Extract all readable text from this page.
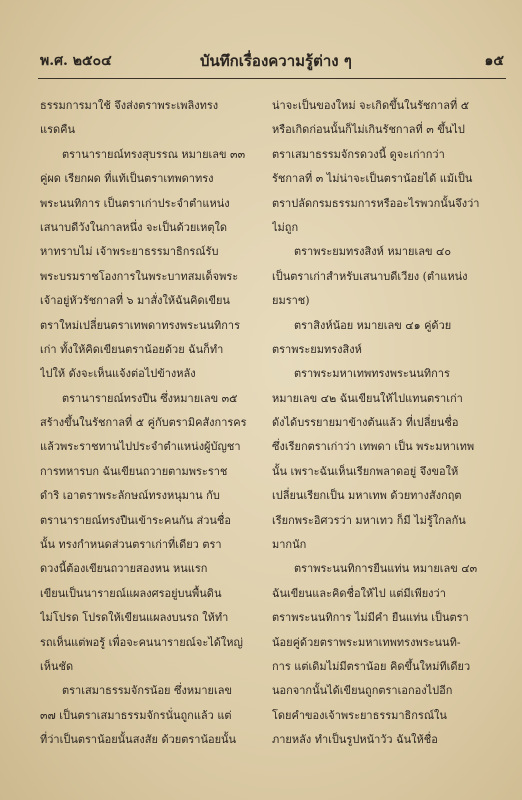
พ.ศ. ๒๕๐๔	บันทึกเรื่องความรู้ต่าง ๆ	๑๕
ธรรมการมาใช้ จึงส่งตราพระเพลิงทรง
แรดคืน
ตรานารายณ์ทรงสุบรรณ หมายเลข ๓๓
คู่ผด เรียกผด ที่แท้เป็นตราเทพดาทรง
พระนนทิการ เป็นตราเก่าประจำตำแหน่ง
เสนาบดีวังในกาลหนึ่ง จะเป็นด้วยเหตุใด
หาทราบไม่ เจ้าพระยาธรรมาธิกรณ์รับ
พระบรมราชโองการในพระบาทสมเด็จพระ
เจ้าอยู่หัวรัชกาลที่ ๖ มาสั่งให้ฉันคิดเขียน
ตราใหม่เปลี่ยนตราเทพดาทรงพระนนทิการ
เก่า ทั้งให้คิดเขียนตราน้อยด้วย ฉันก็ทำ
ไปให้ ดังจะเห็นแจ้งต่อไปข้างหลัง
ตรานารายณ์ทรงปืน ซึ่งหมายเลข ๓๕
สร้างขึ้นในรัชกาลที่ ๕ คู่กับตรามิคสังการคร
แล้วพระราชทานไปประจำตำแหน่งผู้บัญชา
การทหารบก ฉันเขียนถวายตามพระราช
ดำริ เอาตราพระลักษณ์ทรงหนุมาน กับ
ตรานารายณ์ทรงปืนเข้าระคนกัน ส่วนชื่อ
นั้น ทรงกำหนดส่วนตราเก่าที่เดียว ตรา
ดวงนี้ต้องเขียนถวายสองหน หนแรก
เขียนเป็นนารายณ์แผลงศรอยู่บนพื้นดิน
ไม่โปรด โปรดให้เขียนแผลงบนรถ ให้ทำ
รถเห็นแต่พอรู้ เพื่อจะคนนารายณ์จะได้ใหญ่
เห็นชัด
ตราเสมาธรรมจักรน้อย ซึ่งหมายเลข
๓๗ เป็นตราเสมาธรรมจักรนั่นถูกแล้ว แต่
ที่ว่าเป็นตราน้อยนั้นสงสัย ด้วยตราน้อยนั้น
น่าจะเป็นของใหม่ จะเกิดขึ้นในรัชกาลที่ ๕
หรือเกิดก่อนนั้นก็ไม่เกินรัชกาลที่ ๓ ขึ้นไป
ตราเสมาธรรมจักรดวงนี้ ดูจะเก่ากว่า
รัชกาลที่ ๓ ไม่น่าจะเป็นตราน้อยได้ แม้เป็น
ตราปลัดกรมธรรมการหรืออะไรพวกนั้นจึงว่า
ไม่ถูก
ตราพระยมทรงสิงห์ หมายเลข ๔๐
เป็นตราเก่าสำหรับเสนาบดีเวียง (ตำแหน่ง
ยมราช)
ตราสิงห์น้อย หมายเลข ๔๑ คู่ด้วย
ตราพระยมทรงสิงห์
ตราพระมหาเทพทรงพระนนทิการ
หมายเลข ๔๒ ฉันเขียนให้ไปแทนตราเก่า
ดังได้บรรยายมาข้างต้นแล้ว ที่เปลี่ยนชื่อ
ซึ่งเรียกตราเก่าว่า เทพดา เป็น พระมหาเทพ
นั้น เพราะฉันเห็นเรียกพลาดอยู่ จึงขอให้
เปลี่ยนเรียกเป็น มหาเทพ ด้วยทางสังกฤต
เรียกพระอิศวรว่า มหาเทว ก็มี ไม่รู้ใกลกัน
มากนัก
ตราพระนนทิการยืนแท่น หมายเลข ๔๓
ฉันเขียนและคิดชื่อให้ไป แต่มีเพียงว่า
ตราพระนนทิการ ไม่มีคำ ยืนแท่น เป็นตรา
น้อยคู่ด้วยตราพระมหาเทพทรงพระนนทิ-
การ แต่เดิมไม่มีตราน้อย คิดขึ้นใหม่ทีเดียว
นอกจากนั้นได้เขียนถูกตราเอกองไปอีก
โดยคำของเจ้าพระยาธรรมาธิกรณ์ใน
ภายหลัง ทำเป็นรูปหน้าวัว ฉันให้ชื่อ
